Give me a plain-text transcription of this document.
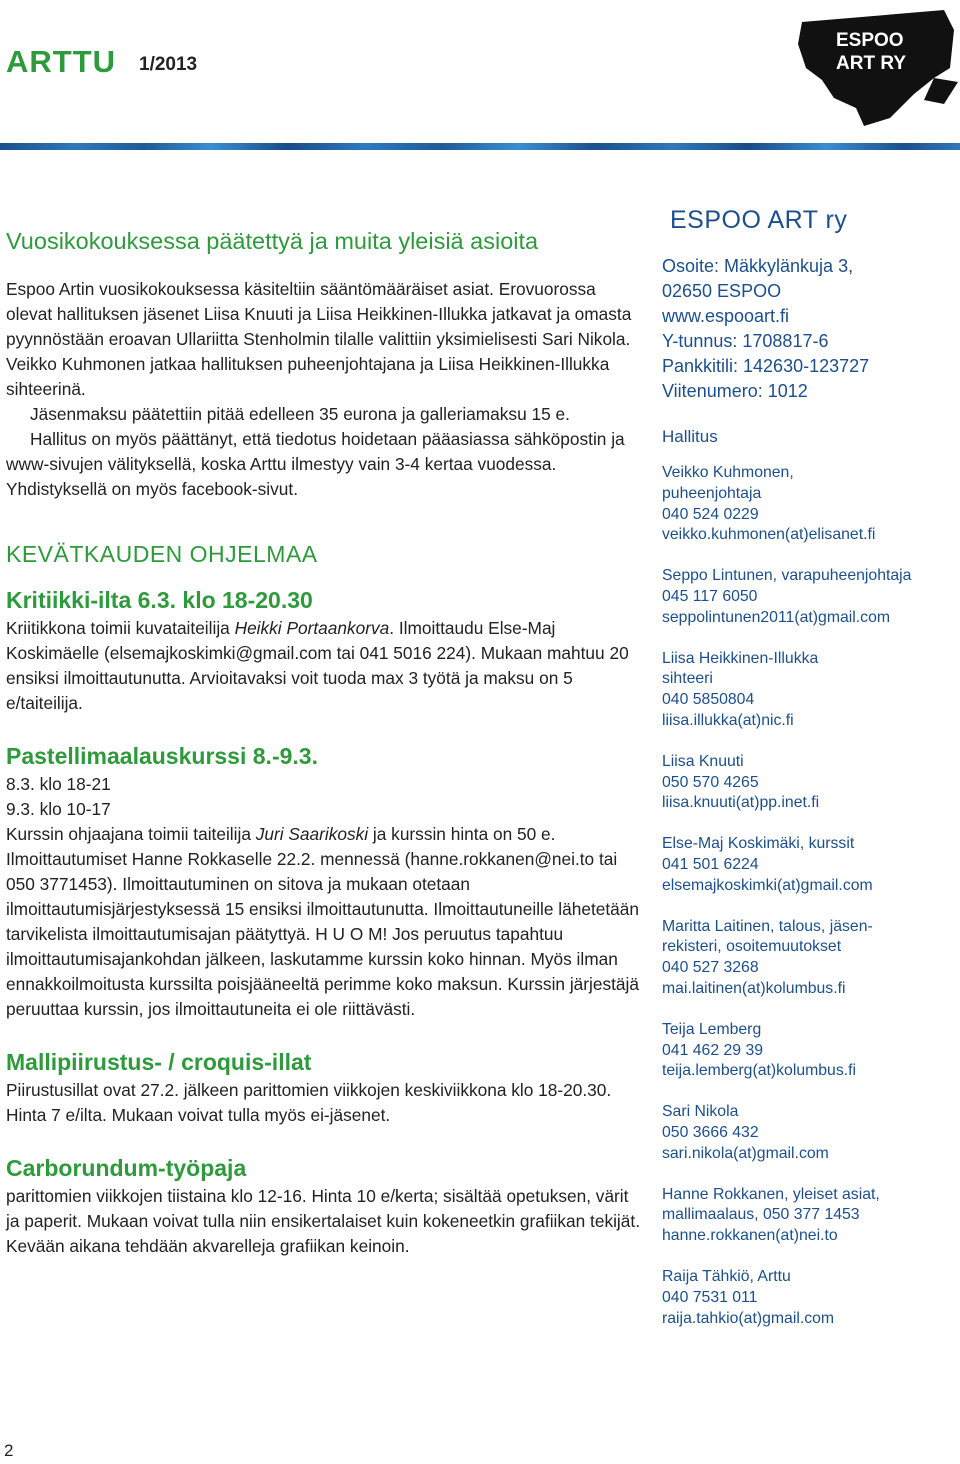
ARTTU 1/2013
ESPOO
ART RY
Vuosikokouksessa päätettyä ja muita yleisiä asioita

Espoo Artin vuosikokouksessa käsiteltiin sääntömääräiset asiat. Erovuorossa olevat hallituksen jäsenet Liisa Knuuti ja Liisa Heikkinen-Illukka jatkavat ja omasta pyynnöstään eroavan Ullariitta Stenholmin tilalle valittiin yksimielisesti Sari Nikola. Veikko Kuhmonen jatkaa hallituksen puheenjohtajana ja Liisa Heikkinen-Illukka sihteerinä.

Jäsenmaksu päätettiin pitää edelleen 35 eurona ja galleriamaksu 15 e.

Hallitus on myös päättänyt, että tiedotus hoidetaan pääasiassa sähköpostin ja www-sivujen välityksellä, koska Arttu ilmestyy vain 3-4 kertaa vuodessa. Yhdistyksellä on myös facebook-sivut.

KEVÄTKAUDEN OHJELMAA
Kritiikki-ilta 6.3. klo 18-20.30

Kriitikkona toimii kuvataiteilija Heikki Portaankorva. Ilmoittaudu Else-Maj Koskimäelle (elsemajkoskimki@gmail.com tai 041 5016 224). Mukaan mahtuu 20 ensiksi ilmoittautunutta. Arvioitavaksi voit tuoda max 3 työtä ja maksu on 5 e/taiteilija.

Pastellimaalauskurssi 8.-9.3.

8.3. klo 18-21

9.3. klo 10-17

Kurssin ohjaajana toimii taiteilija Juri Saarikoski ja kurssin hinta on 50 e. Ilmoittautumiset Hanne Rokkaselle 22.2. mennessä (hanne.rokkanen@nei.to tai 050 3771453). Ilmoittautuminen on sitova ja mukaan otetaan ilmoittautumisjärjestyksessä 15 ensiksi ilmoittautunutta. Ilmoittautuneille lähetetään tarvikelista ilmoittautumisajan päätyttyä. H U O M! Jos peruutus tapahtuu ilmoittautumisajankohdan jälkeen, laskutamme kurssin koko hinnan. Myös ilman ennakkoilmoitusta kurssilta poisjääneeltä perimme koko maksun. Kurssin järjestäjä peruuttaa kurssin, jos ilmoittautuneita ei ole riittävästi.

Mallipiirustus- / croquis-illat

Piirustusillat ovat 27.2. jälkeen parittomien viikkojen keskiviikkona klo 18-20.30. Hinta 7 e/ilta. Mukaan voivat tulla myös ei-jäsenet.

Carborundum-työpaja

parittomien viikkojen tiistaina klo 12-16. Hinta 10 e/kerta; sisältää opetuksen, värit ja paperit. Mukaan voivat tulla niin ensikertalaiset kuin kokeneetkin grafiikan tekijät. Kevään aikana tehdään akvarelleja grafiikan keinoin.

ESPOO ART ry
Osoite: Mäkkylänkuja 3,
02650 ESPOO
www.espooart.fi
Y-tunnus: 1708817-6
Pankkitili: 142630-123727
Viitenumero: 1012
Hallitus
Veikko Kuhmonen,
puheenjohtaja
040 524 0229
veikko.kuhmonen(at)elisanet.fi
Seppo Lintunen, varapuheenjohtaja
045 117 6050
seppolintunen2011(at)gmail.com
Liisa Heikkinen-Illukka
sihteeri
040 5850804
liisa.illukka(at)nic.fi
Liisa Knuuti
050 570 4265
liisa.knuuti(at)pp.inet.fi
Else-Maj Koskimäki, kurssit
041 501 6224
elsemajkoskimki(at)gmail.com
Maritta Laitinen, talous, jäsen-
rekisteri, osoitemuutokset
040 527 3268
mai.laitinen(at)kolumbus.fi
Teija Lemberg
041 462 29 39
teija.lemberg(at)kolumbus.fi
Sari Nikola
050 3666 432
sari.nikola(at)gmail.com
Hanne Rokkanen, yleiset asiat,
mallimaalaus, 050 377 1453
hanne.rokkanen(at)nei.to
Raija Tähkiö, Arttu
040 7531 011
raija.tahkio(at)gmail.com
2
